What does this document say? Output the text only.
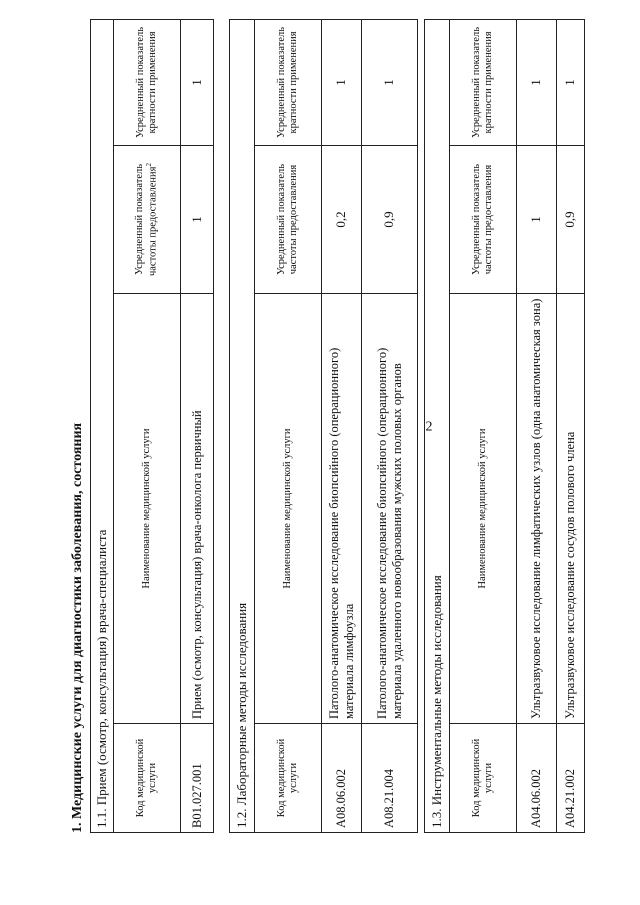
2
1. Медицинские услуги для диагностики заболевания, состояния 1.1. Прием (осмотр, консультация) врача-специалиста			
Код медицинской услуги	Наименование медицинской услуги	Усредненный показатель частоты предоставления$^2$	Усредненный показатель кратности применения
B01.027.001	Прием (осмотр, консультация) врача-онколога первичный	1	1
1.2. Лабораторные методы исследования			
Код медицинской услуги	Наименование медицинской услуги	Усредненный показатель частоты предоставления	Усредненный показатель кратности применения
A08.06.002	Патолого-анатомическое исследование биопсийного (операционного) материала лимфоузла	0,2	1
A08.21.004	Патолого-анатомическое исследование биопсийного (операционного) материала удаленного новообразования мужских половых органов	0,9	1
1.3. Инструментальные методы исследования			
Код медицинской услуги	Наименование медицинской услуги	Усредненный показатель частоты предоставления	Усредненный показатель кратности применения
A04.06.002	Ультразвуковое исследование лимфатических узлов (одна анатомическая зона)	1	1
A04.21.002	Ультразвуковое исследование сосудов полового члена	0,9	1
